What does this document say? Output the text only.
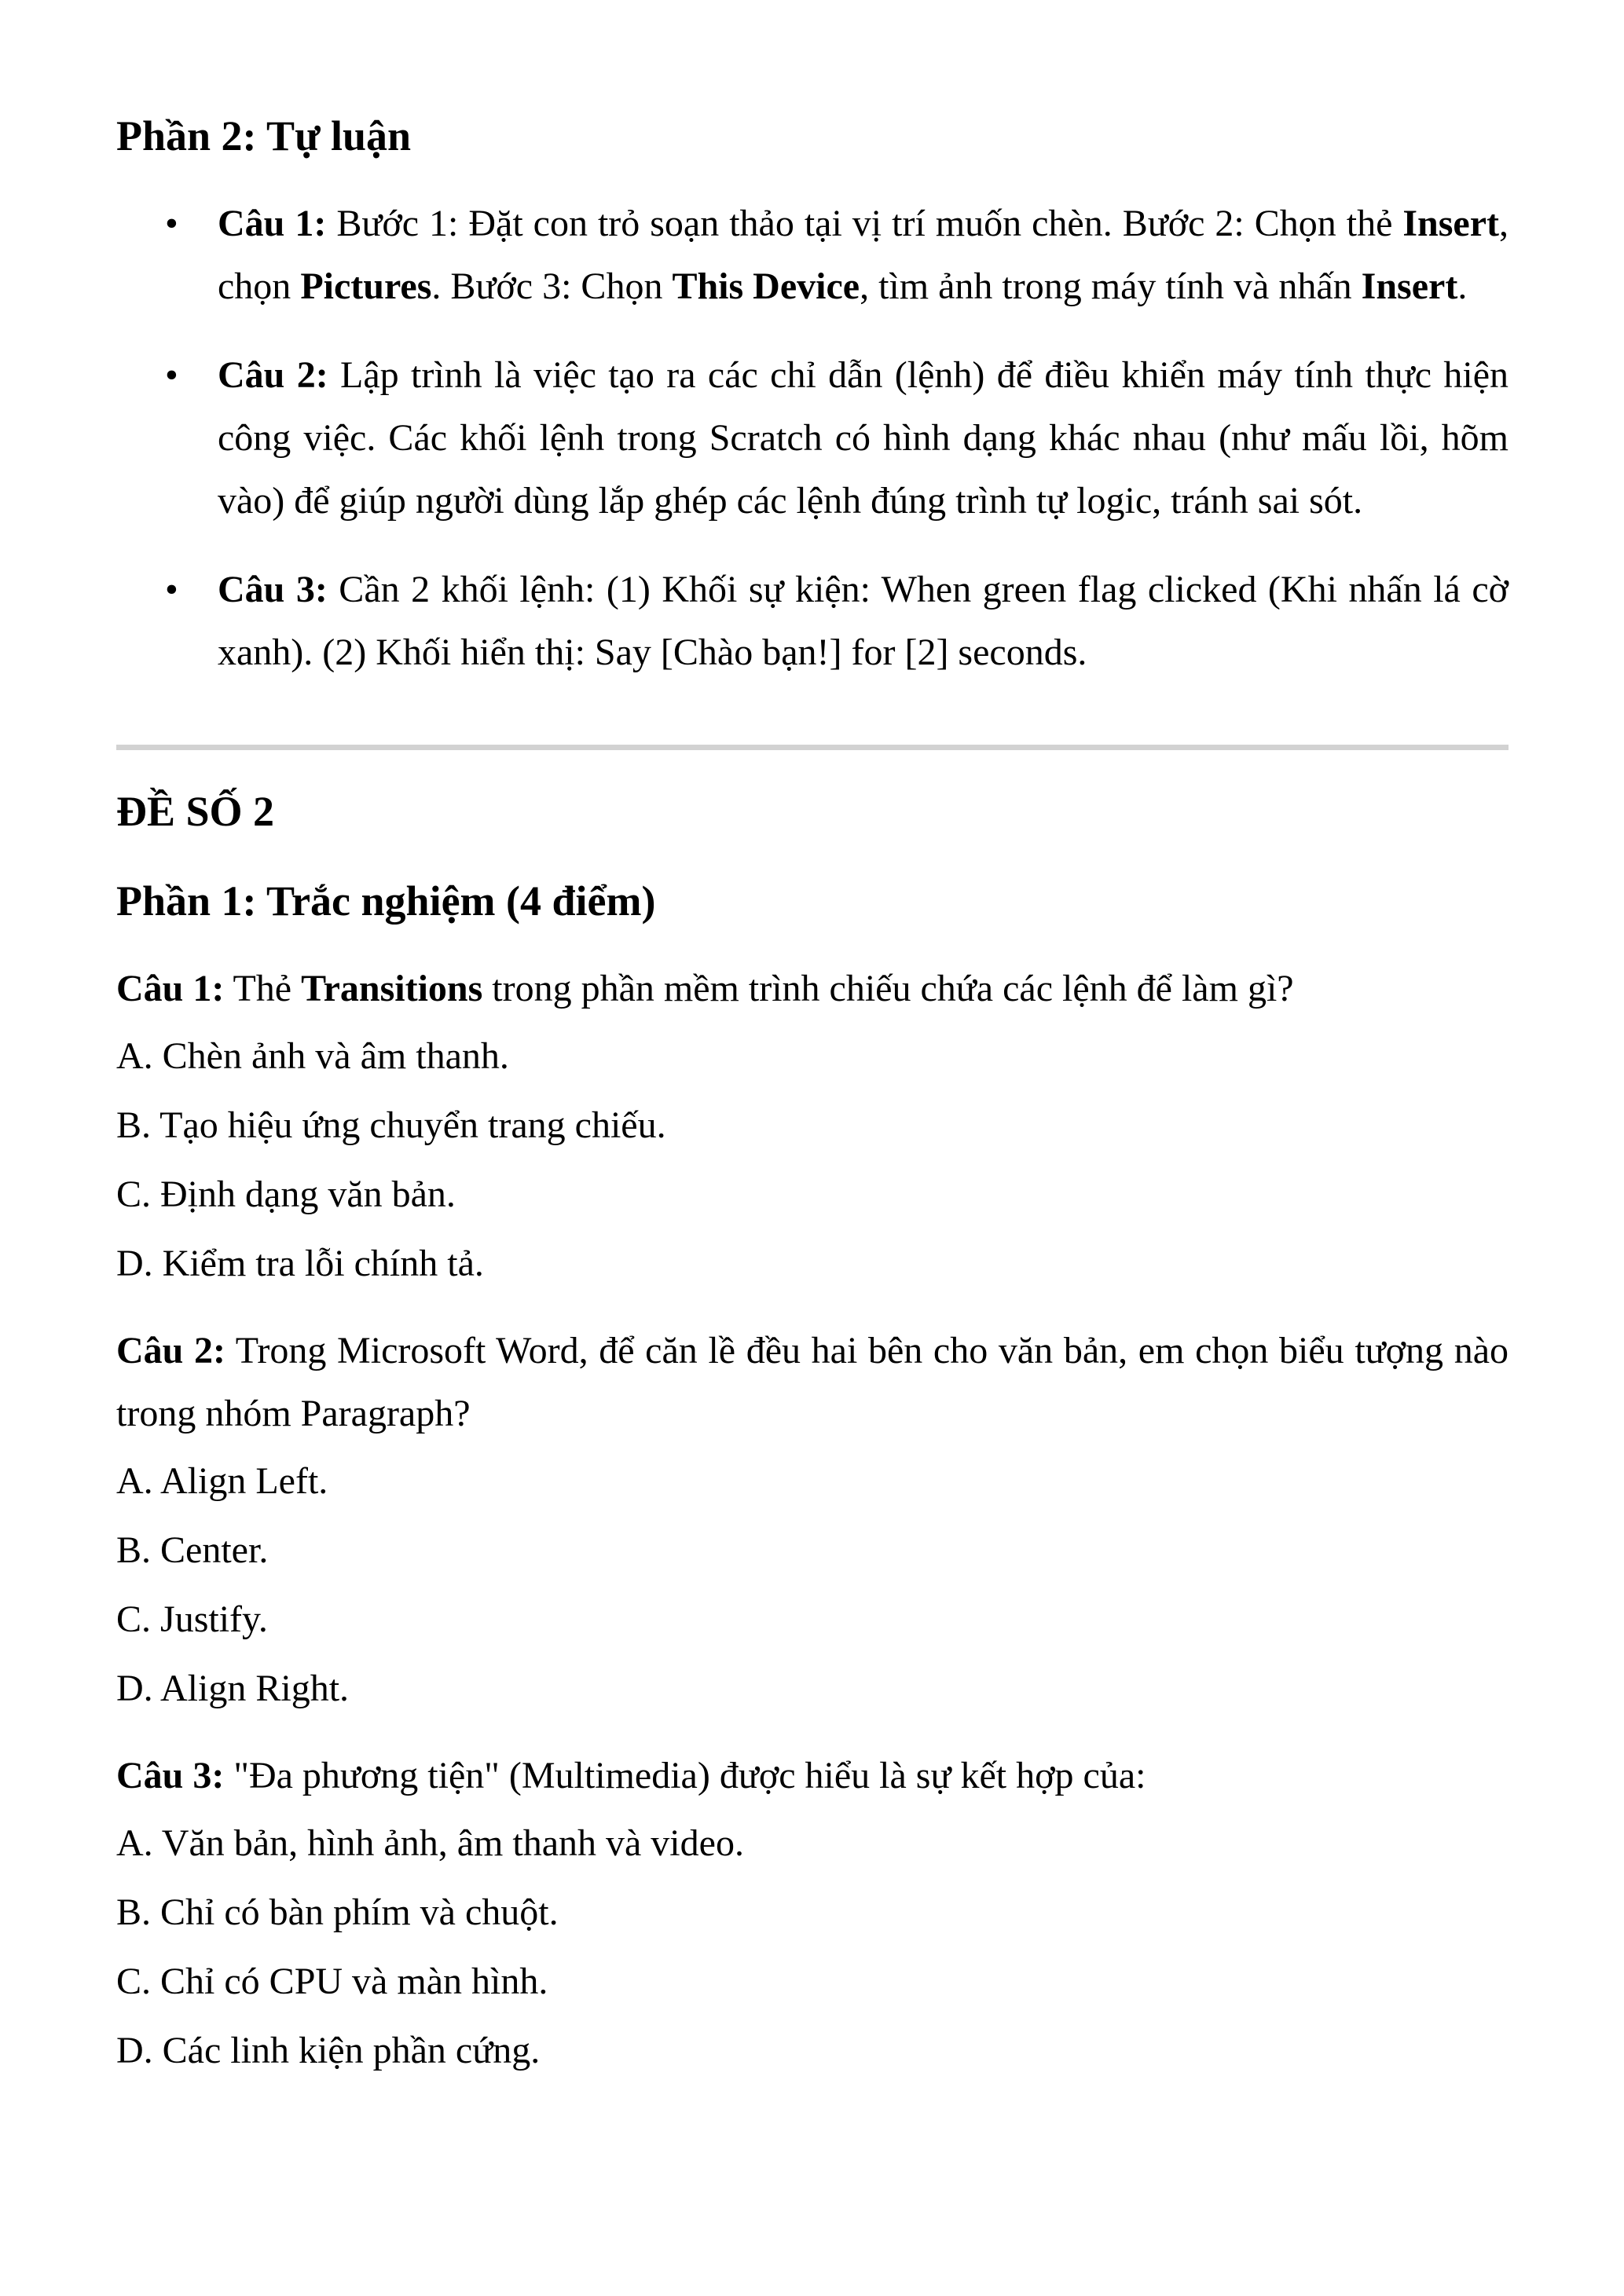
Phần 2: Tự luận
• Câu 1: Bước 1: Đặt con trỏ soạn thảo tại vị trí muốn chèn. Bước 2: Chọn thẻ Insert, chọn Pictures. Bước 3: Chọn This Device, tìm ảnh trong máy tính và nhấn Insert.
• Câu 2: Lập trình là việc tạo ra các chỉ dẫn (lệnh) để điều khiển máy tính thực hiện công việc. Các khối lệnh trong Scratch có hình dạng khác nhau (như mấu lồi, hõm vào) để giúp người dùng lắp ghép các lệnh đúng trình tự logic, tránh sai sót.
• Câu 3: Cần 2 khối lệnh: (1) Khối sự kiện: When green flag clicked (Khi nhấn lá cờ xanh). (2) Khối hiển thị: Say [Chào bạn!] for [2] seconds.
ĐỀ SỐ 2
Phần 1: Trắc nghiệm (4 điểm)

Câu 1: Thẻ Transitions trong phần mềm trình chiếu chứa các lệnh để làm gì?

A. Chèn ảnh và âm thanh.

B. Tạo hiệu ứng chuyển trang chiếu.

C. Định dạng văn bản.

D. Kiểm tra lỗi chính tả.

Câu 2: Trong Microsoft Word, để căn lề đều hai bên cho văn bản, em chọn biểu tượng nào trong nhóm Paragraph?

A. Align Left.

B. Center.

C. Justify.

D. Align Right.

Câu 3: "Đa phương tiện" (Multimedia) được hiểu là sự kết hợp của:

A. Văn bản, hình ảnh, âm thanh và video.

B. Chỉ có bàn phím và chuột.

C. Chỉ có CPU và màn hình.

D. Các linh kiện phần cứng.
